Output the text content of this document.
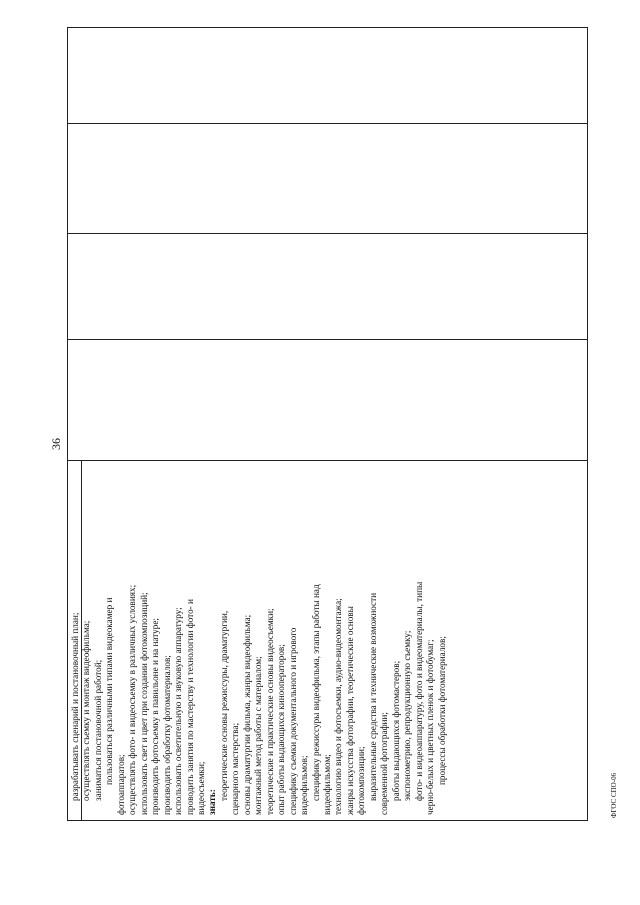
36
разрабатывать сценарий и постановочный план; осуществлять съемку и монтаж видеофильма; заниматься постановочной работой; пользоваться различными типами видеокамер и фотоаппаратов; осуществлять фото- и видеосъемку в различных условиях; использовать свет и цвет при создании фотокомпозиций; производить фотосъемку в павильоне и на натуре; производить обработку фотоматериалов; использовать осветительную и звуковую аппаратуру; проводить занятия по мастерству и технологии фото- и видеосъемки; знать:
теоретические основы режиссуры, драматургии, сценарного мастерства; основы драматургии фильма, жанры видеофильма; монтажный метод работы с материалом; теоретические и практические основы видеосъемки; опыт работы выдающихся кинооператоров; специфику съемки документального и игрового видеофильмов; специфику режиссуры видеофильма, этапы работы над видеофильмом; технологию видео и фотосъемки, аудио-видеомонтажа; жанры искусства фотографии, теоретические основы фотокомпозиции; выразительные средства и технические возможности современной фотографии; работы выдающихся фотомастеров; экспонометрию, репродукционную съемку; фото- и видеоаппаратуру, фото и видеоматериалы, типы черно-белых и цветных пленок и фотобумаг; процессы обработки фотоматериалов;
ФГОС СПО-06
